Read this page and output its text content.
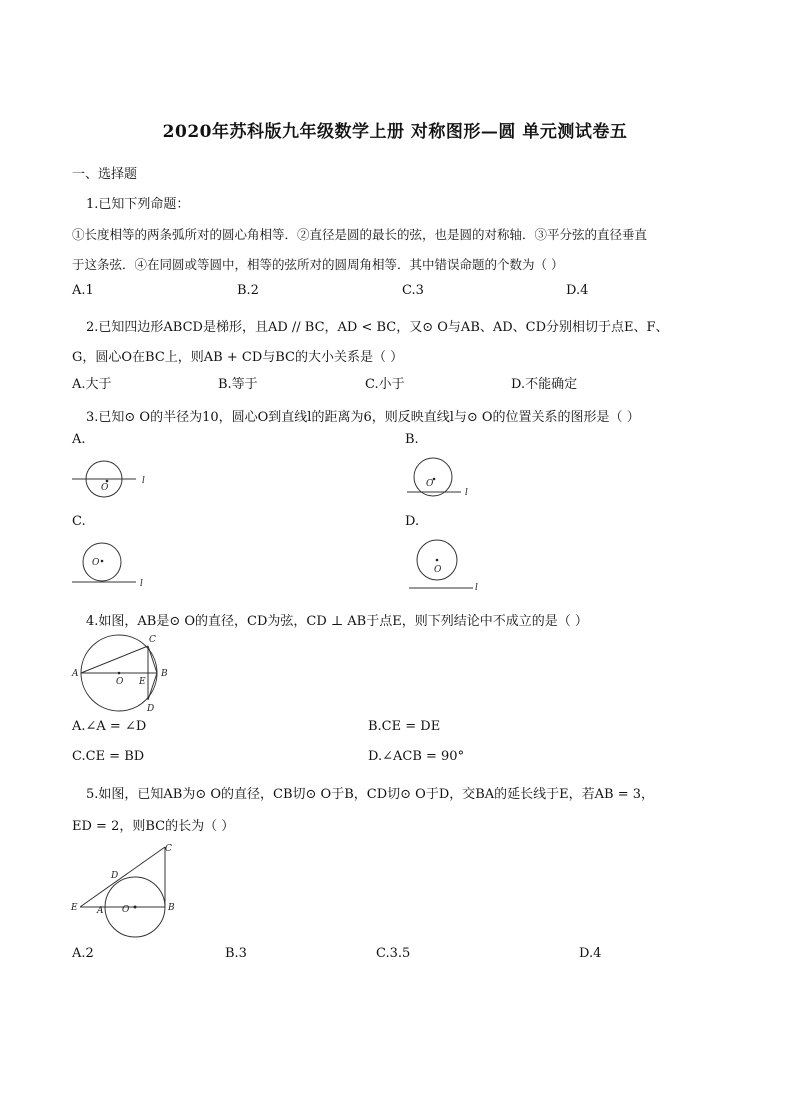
2020年苏科版九年级数学上册 对称图形—圆 单元测试卷五
一、选择题
1.已知下列命题：
①长度相等的两条弧所对的圆心角相等．②直径是圆的最长的弦，也是圆的对称轴．③平分弦的直径垂直
于这条弦．④在同圆或等圆中，相等的弦所对的圆周角相等．其中错误命题的个数为（ ）
A.1	B.2	C.3	D.4
2.已知四边形ABCD是梯形，且AD // BC，AD < BC，又⊙ O与AB、AD、CD分别相切于点E、F、
G，圆心O在BC上，则AB + CD与BC的大小关系是（ ）
A.大于	B.等于	C.小于	D.不能确定
3.已知⊙ O的半径为10，圆心O到直线l的距离为6，则反映直线l与⊙ O的位置关系的图形是（ ）
A.	B.
C.	D.
O
l	O
l
O
l
O
l
4.如图，AB是⊙ O的直径，CD为弦，CD ⊥ AB于点E，则下列结论中不成立的是（ ）
A	B
C
D
E
O
A.∠A = ∠D	B.CE = DE
C.CE = BD	D.∠ACB = 90°
5.如图，已知AB为⊙ O的直径，CB切⊙ O于B，CD切⊙ O于D，交BA的延长线于E，若AB = 3，
ED = 2，则BC的长为（ ）
E A	B
C
D
O
A.2	B.3	C.3.5	D.4
